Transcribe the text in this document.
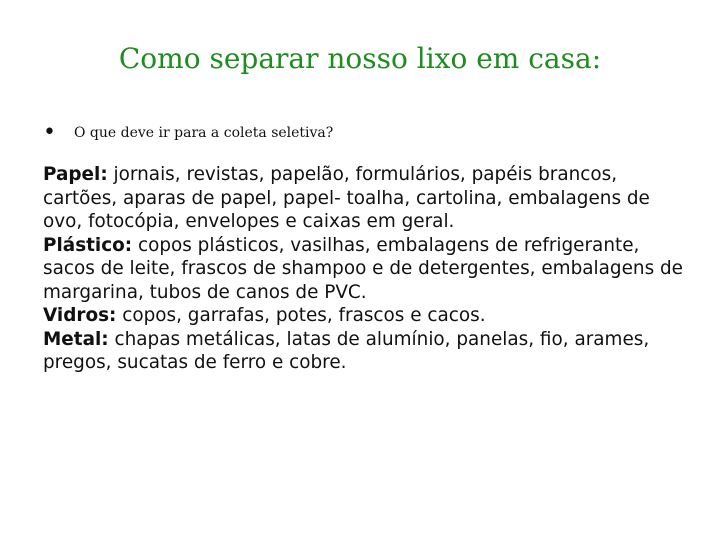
Como separar nosso lixo em casa:
• O que deve ir para a coleta seletiva?

Papel: jornais, revistas, papelão, formulários, papéis brancos, cartões, aparas de papel, papel- toalha, cartolina, embalagens de ovo, fotocópia, envelopes e caixas em geral.

Plástico: copos plásticos, vasilhas, embalagens de refrigerante, sacos de leite, frascos de shampoo e de detergentes, embalagens de margarina, tubos de canos de PVC.

Vidros: copos, garrafas, potes, frascos e cacos.

Metal: chapas metálicas, latas de alumínio, panelas, fio, arames, pregos, sucatas de ferro e cobre.
